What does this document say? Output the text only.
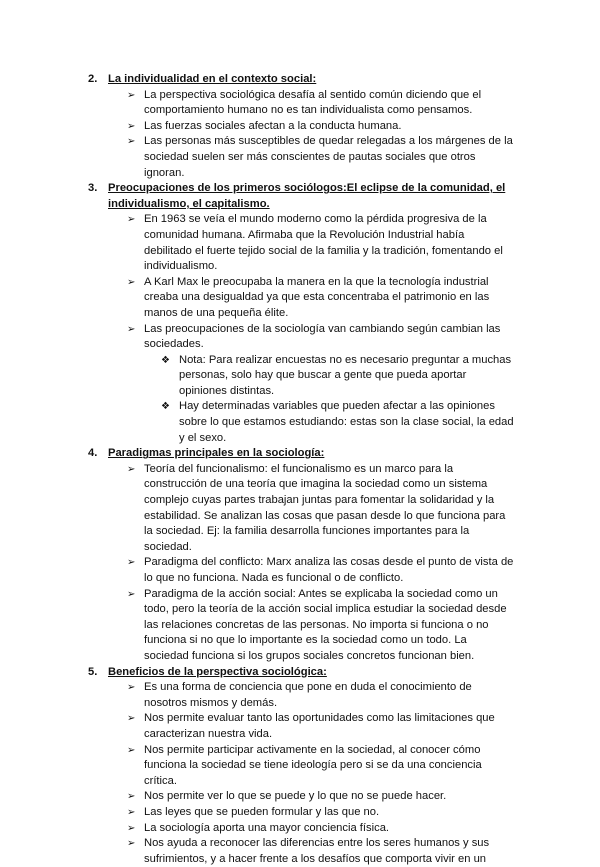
2. La individualidad en el contexto social:
➢ La perspectiva sociológica desafía al sentido común diciendo que el comportamiento humano no es tan individualista como pensamos.
➢ Las fuerzas sociales afectan a la conducta humana.
➢ Las personas más susceptibles de quedar relegadas a los márgenes de la sociedad suelen ser más conscientes de pautas sociales que otros ignoran.
3. Preocupaciones de los primeros sociólogos:El eclipse de la comunidad, el individualismo, el capitalismo.
➢ En 1963 se veía el mundo moderno como la pérdida progresiva de la comunidad humana. Afirmaba que la Revolución Industrial había debilitado el fuerte tejido social de la familia y la tradición, fomentando el individualismo.
➢ A Karl Max le preocupaba la manera en la que la tecnología industrial creaba una desigualdad ya que esta concentraba el patrimonio en las manos de una pequeña élite.
➢ Las preocupaciones de la sociología van cambiando según cambian las sociedades.
❖ Nota: Para realizar encuestas no es necesario preguntar a muchas personas, solo hay que buscar a gente que pueda aportar opiniones distintas.
❖ Hay determinadas variables que pueden afectar a las opiniones sobre lo que estamos estudiando: estas son la clase social, la edad y el sexo.
4. Paradigmas principales en la sociología:
➢ Teoría del funcionalismo: el funcionalismo es un marco para la construcción de una teoría que imagina la sociedad como un sistema complejo cuyas partes trabajan juntas para fomentar la solidaridad y la estabilidad. Se analizan las cosas que pasan desde lo que funciona para la sociedad. Ej: la familia desarrolla funciones importantes para la sociedad.
➢ Paradigma del conflicto: Marx analiza las cosas desde el punto de vista de lo que no funciona. Nada es funcional o de conflicto.
➢ Paradigma de la acción social: Antes se explicaba la sociedad como un todo, pero la teoría de la acción social implica estudiar la sociedad desde las relaciones concretas de las personas. No importa si funciona o no funciona si no que lo importante es la sociedad como un todo. La sociedad funciona si los grupos sociales concretos funcionan bien.
5. Beneficios de la perspectiva sociológica:
➢ Es una forma de conciencia que pone en duda el conocimiento de nosotros mismos y demás.
➢ Nos permite evaluar tanto las oportunidades como las limitaciones que caracterizan nuestra vida.
➢ Nos permite participar activamente en la sociedad, al conocer cómo funciona la sociedad se tiene ideología pero si se da una conciencia crítica.
➢ Nos permite ver lo que se puede y lo que no se puede hacer.
➢ Las leyes que se pueden formular y las que no.
➢ La sociología aporta una mayor conciencia física.
➢ Nos ayuda a reconocer las diferencias entre los seres humanos y sus sufrimientos, y a hacer frente a los desafíos que comporta vivir en un
